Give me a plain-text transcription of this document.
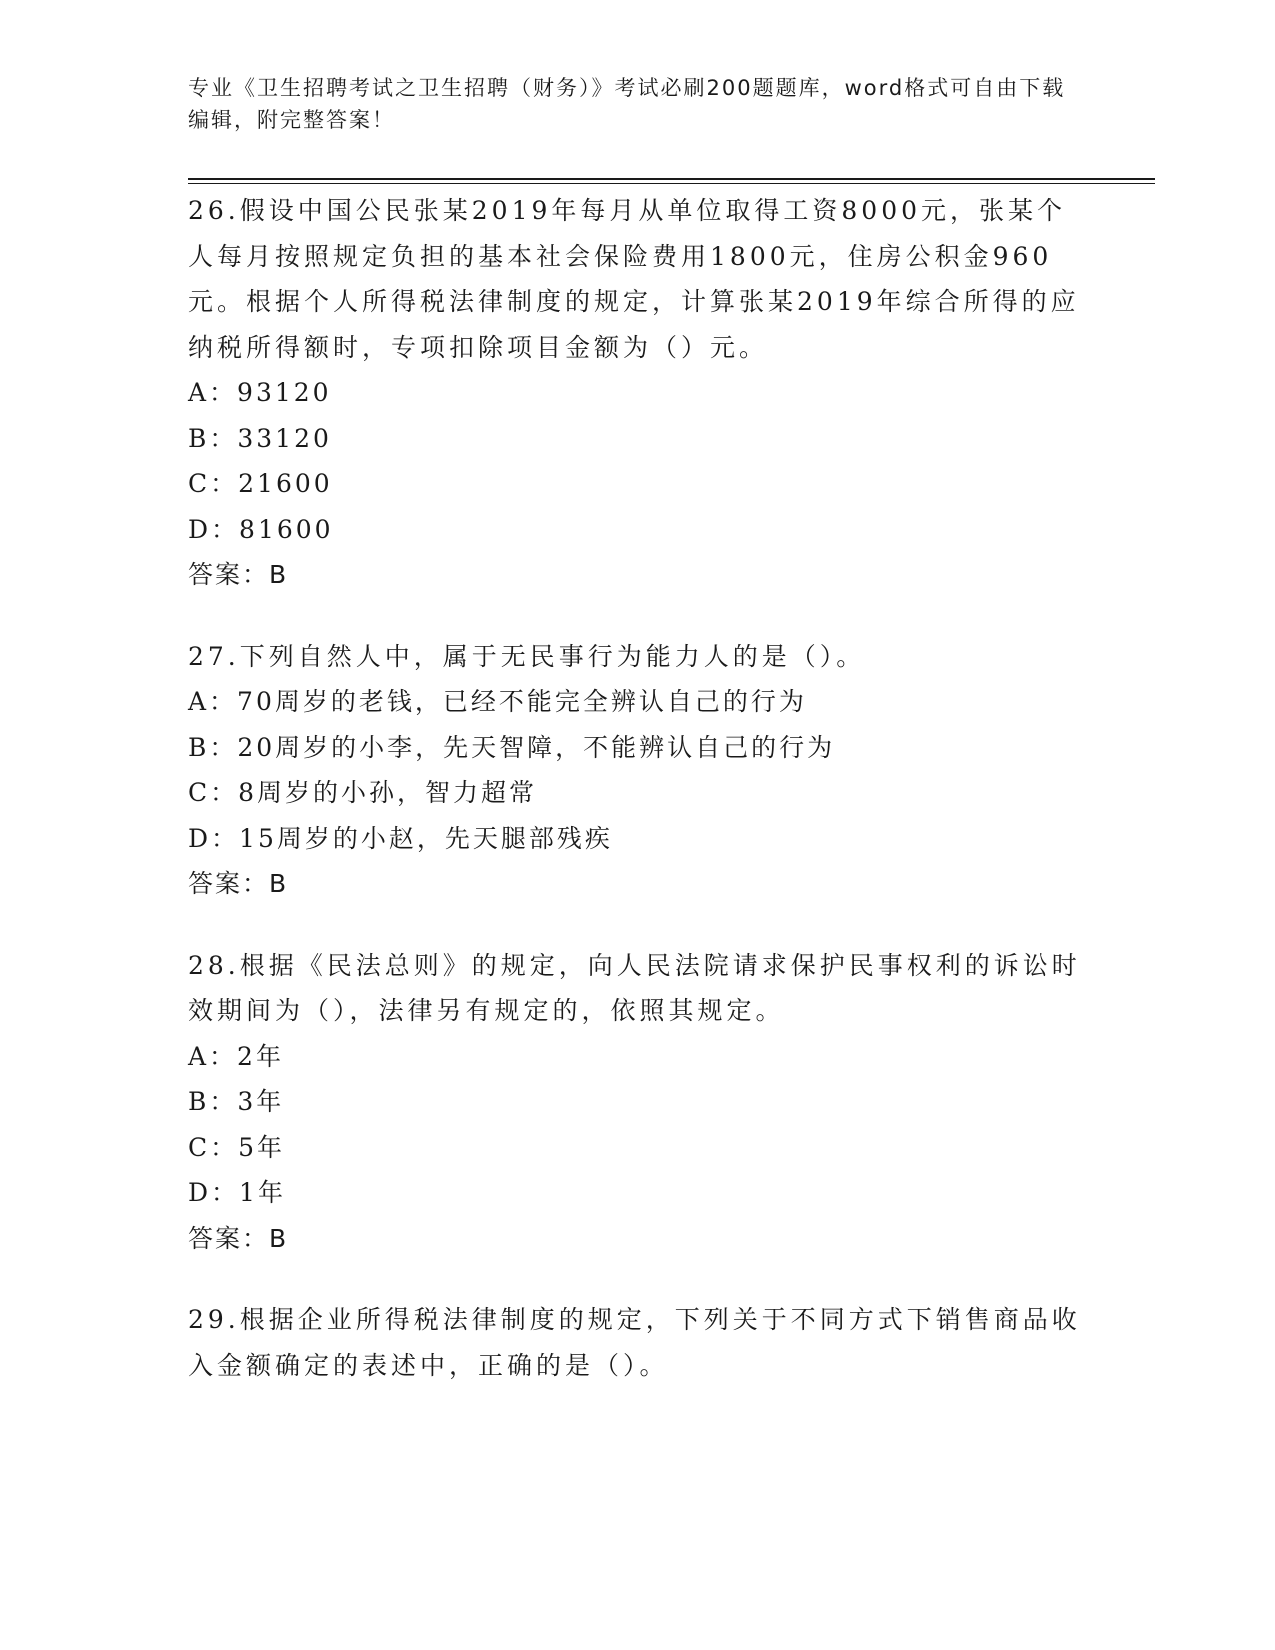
专业《卫生招聘考试之卫生招聘（财务）》考试必刷200题题库，word格式可自由下载编辑，附完整答案！

26.假设中国公民张某2019年每月从单位取得工资8000元，张某个人每月按照规定负担的基本社会保险费用1800元，住房公积金960元。根据个人所得税法律制度的规定，计算张某2019年综合所得的应纳税所得额时，专项扣除项目金额为（）元。

A：93120

B：33120

C：21600

D：81600

答案：B

27.下列自然人中，属于无民事行为能力人的是（）。

A：70周岁的老钱，已经不能完全辨认自己的行为

B：20周岁的小李，先天智障，不能辨认自己的行为

C：8周岁的小孙，智力超常

D：15周岁的小赵，先天腿部残疾

答案：B

28.根据《民法总则》的规定，向人民法院请求保护民事权利的诉讼时效期间为（），法律另有规定的，依照其规定。

A：2年

B：3年

C：5年

D：1年

答案：B

29.根据企业所得税法律制度的规定，下列关于不同方式下销售商品收入金额确定的表述中，正确的是（）。
